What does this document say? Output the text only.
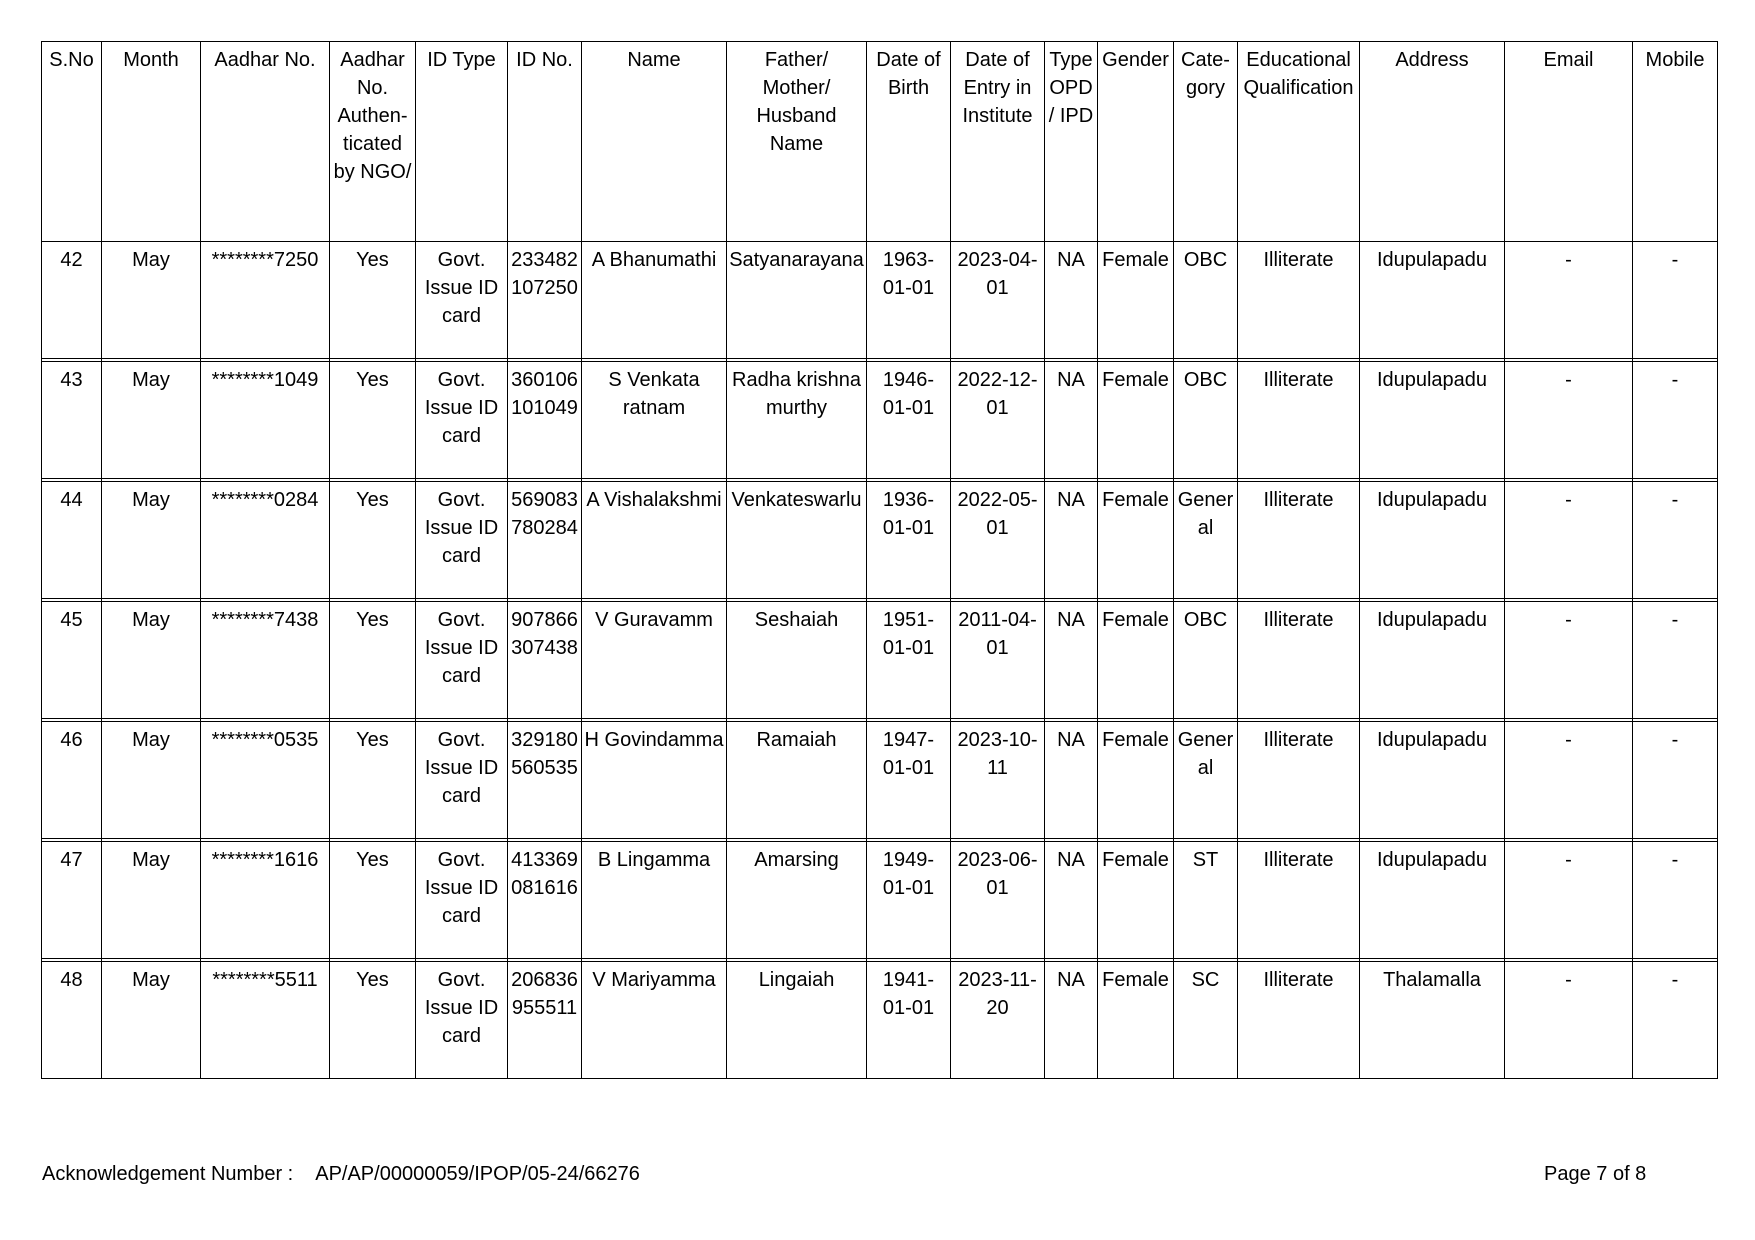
S.No	Month	Aadhar No.	Aadhar No. Authen- ticated by NGO/	ID Type	ID No.	Name	Father/ Mother/ Husband Name	Date of Birth	Date of Entry in Institute	Type OPD / IPD	Gender	Cate- gory	Educational Qualification	Address	Email	Mobile
42	May	********7250	Yes	Govt. Issue ID card	233482107250	A Bhanumathi	Satyanarayana	1963-01-01	2023-04-01	NA	Female	OBC	Illiterate	Idupulapadu	-	-

43	May	********1049	Yes	Govt. Issue ID card	360106101049	S Venkata ratnam	Radha krishna murthy	1946-01-01	2022-12-01	NA	Female	OBC	Illiterate	Idupulapadu	-	-

44	May	********0284	Yes	Govt. Issue ID card	569083780284	A Vishalakshmi	Venkateswarlu	1936-01-01	2022-05-01	NA	Female	General	Illiterate	Idupulapadu	-	-

45	May	********7438	Yes	Govt. Issue ID card	907866307438	V Guravamm	Seshaiah	1951-01-01	2011-04-01	NA	Female	OBC	Illiterate	Idupulapadu	-	-

46	May	********0535	Yes	Govt. Issue ID card	329180560535	H Govindamma	Ramaiah	1947-01-01	2023-10-11	NA	Female	General	Illiterate	Idupulapadu	-	-

47	May	********1616	Yes	Govt. Issue ID card	413369081616	B Lingamma	Amarsing	1949-01-01	2023-06-01	NA	Female	ST	Illiterate	Idupulapadu	-	-

48	May	********5511	Yes	Govt. Issue ID card	206836955511	V Mariyamma	Lingaiah	1941-01-01	2023-11-20	NA	Female	SC	Illiterate	Thalamalla	-	-
Acknowledgement Number : AP/AP/00000059/IPOP/05-24/66276	Page 7 of 8
